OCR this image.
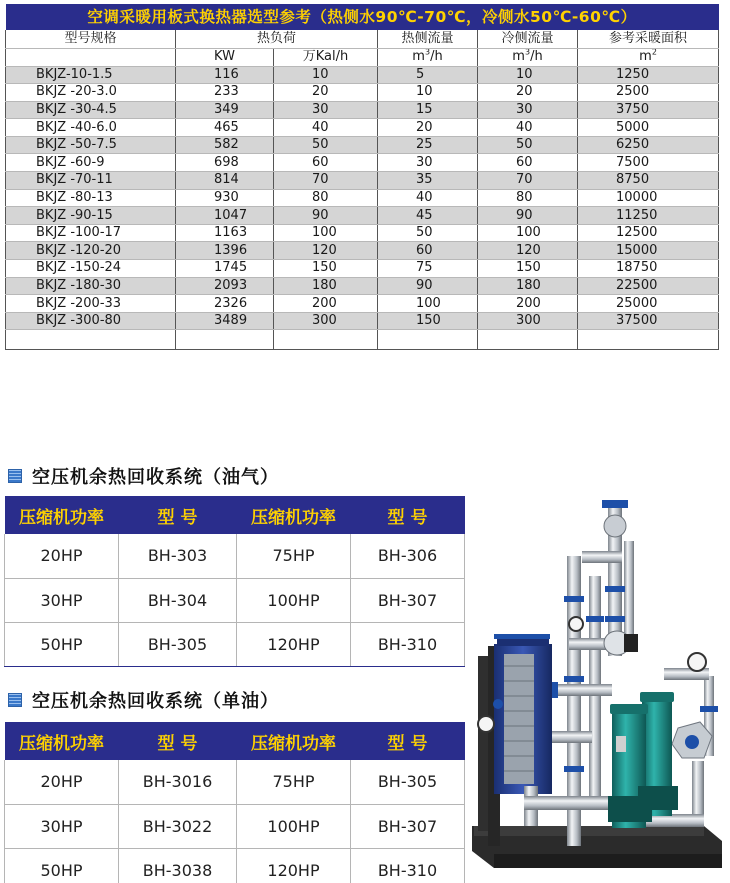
空调采暖用板式换热器选型参考（热侧水90℃-70℃，冷侧水50℃-60℃）					
型号规格	热负荷		热侧流量	冷侧流量	参考采暖面积
	KW	万Kal/h	$m^3/h$	$m^3/h$	$m^2$
BKJZ-10-1.5	116	10	5	10	1250
BKJZ -20-3.0	233	20	10	20	2500
BKJZ -30-4.5	349	30	15	30	3750
BKJZ -40-6.0	465	40	20	40	5000
BKJZ -50-7.5	582	50	25	50	6250
BKJZ -60-9	698	60	30	60	7500
BKJZ -70-11	814	70	35	70	8750
BKJZ -80-13	930	80	40	80	10000
BKJZ -90-15	1047	90	45	90	11250
BKJZ -100-17	1163	100	50	100	12500
BKJZ -120-20	1396	120	60	120	15000
BKJZ -150-24	1745	150	75	150	18750
BKJZ -180-30	2093	180	90	180	22500
BKJZ -200-33	2326	200	100	200	25000
BKJZ -300-80	3489	300	150	300	37500

空压机余热回收系统（油气）
压缩机功率	型 号	压缩机功率	型 号
20HP	BH-303	75HP	BH-306
30HP	BH-304	100HP	BH-307
50HP	BH-305	120HP	BH-310
空压机余热回收系统（单油）
压缩机功率	型 号	压缩机功率	型 号
20HP	BH-3016	75HP	BH-305
30HP	BH-3022	100HP	BH-307
50HP	BH-3038	120HP	BH-310
